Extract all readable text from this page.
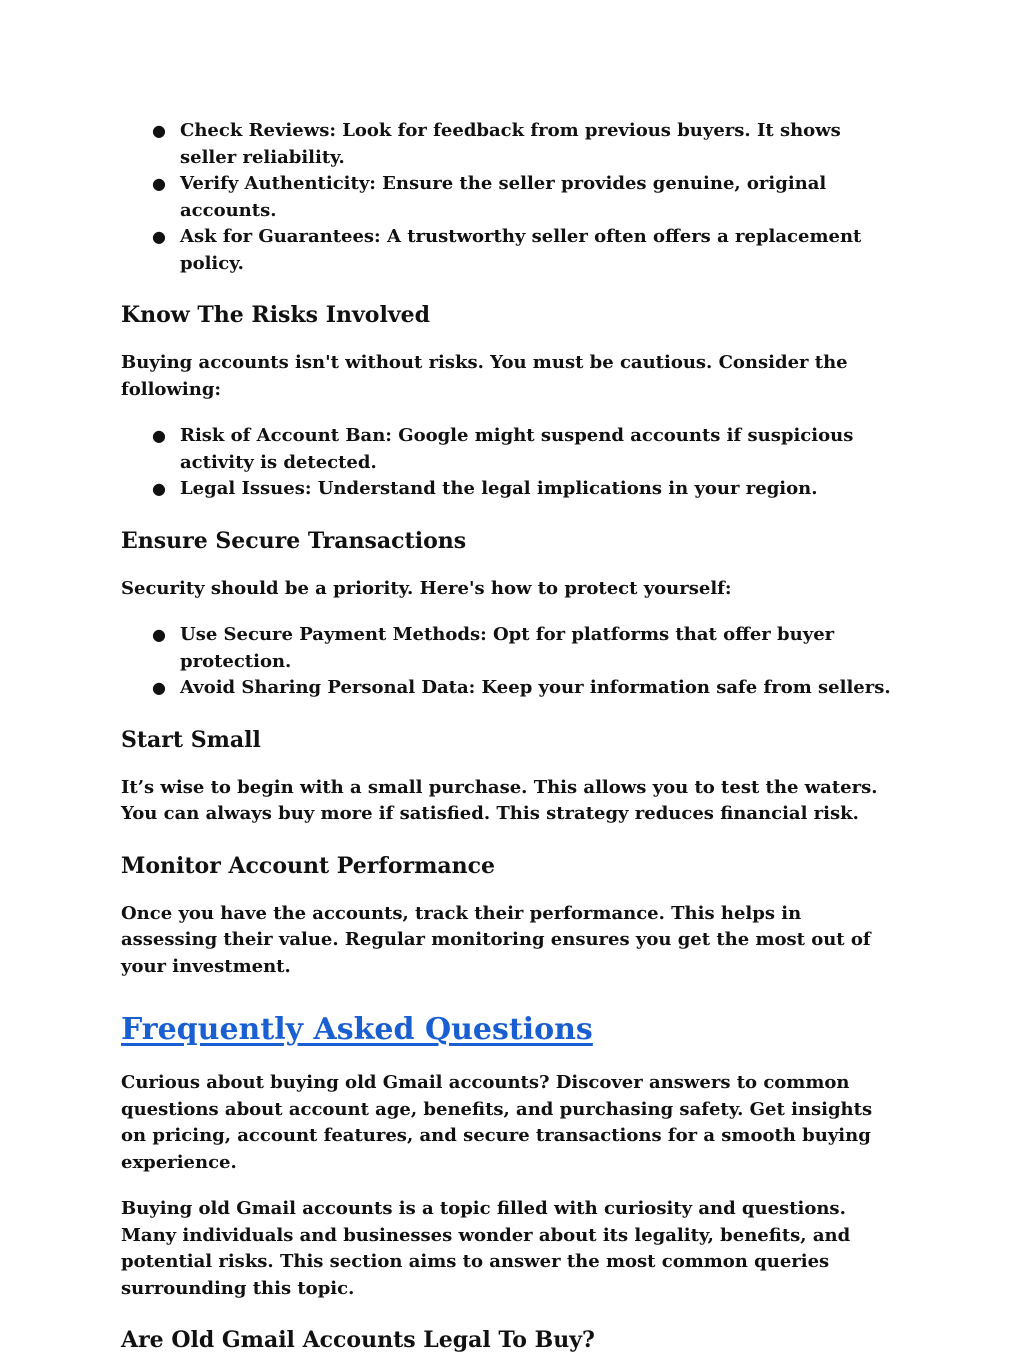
● Check Reviews: Look for feedback from previous buyers. It shows seller reliability.
● Verify Authenticity: Ensure the seller provides genuine, original accounts.
● Ask for Guarantees: A trustworthy seller often offers a replacement policy.
Know The Risks Involved

Buying accounts isn't without risks. You must be cautious. Consider the following:

● Risk of Account Ban: Google might suspend accounts if suspicious activity is detected.
● Legal Issues: Understand the legal implications in your region.
Ensure Secure Transactions

Security should be a priority. Here's how to protect yourself:

● Use Secure Payment Methods: Opt for platforms that offer buyer protection.
● Avoid Sharing Personal Data: Keep your information safe from sellers.
Start Small

It’s wise to begin with a small purchase. This allows you to test the waters. You can always buy more if satisfied. This strategy reduces financial risk.

Monitor Account Performance

Once you have the accounts, track their performance. This helps in assessing their value. Regular monitoring ensures you get the most out of your investment.

Frequently Asked Questions

Curious about buying old Gmail accounts? Discover answers to common questions about account age, benefits, and purchasing safety. Get insights on pricing, account features, and secure transactions for a smooth buying experience.

Buying old Gmail accounts is a topic filled with curiosity and questions. Many individuals and businesses wonder about its legality, benefits, and potential risks. This section aims to answer the most common queries surrounding this topic.

Are Old Gmail Accounts Legal To Buy?
